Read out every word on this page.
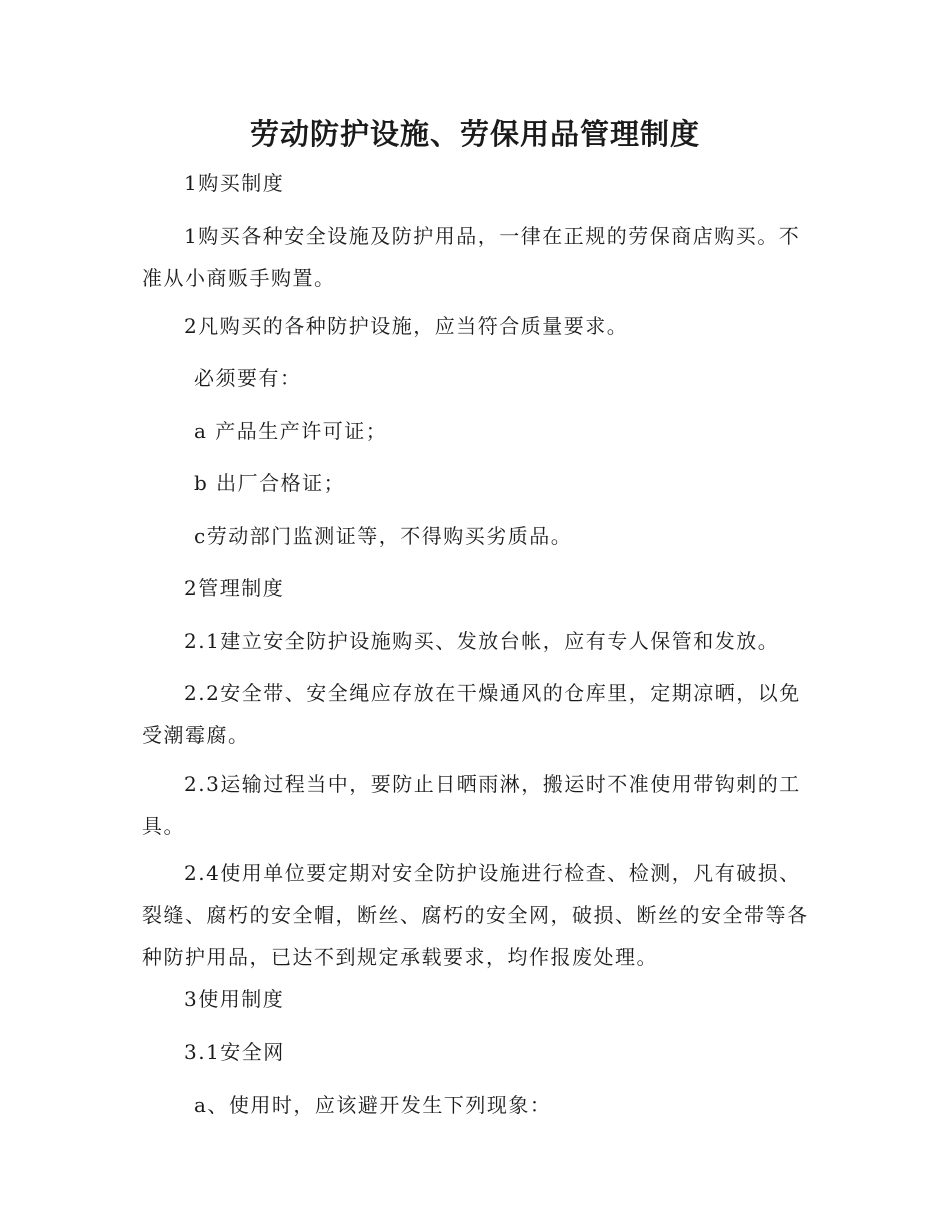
劳动防护设施、劳保用品管理制度

1购买制度

1购买各种安全设施及防护用品，一律在正规的劳保商店购买。不准从小商贩手购置。

2凡购买的各种防护设施，应当符合质量要求。

必须要有：

a 产品生产许可证；

b 出厂合格证；

c劳动部门监测证等，不得购买劣质品。

2管理制度

2.1建立安全防护设施购买、发放台帐，应有专人保管和发放。

2.2安全带、安全绳应存放在干燥通风的仓库里，定期凉晒，以免受潮霉腐。

2.3运输过程当中，要防止日晒雨淋，搬运时不准使用带钩刺的工具。

2.4使用单位要定期对安全防护设施进行检查、检测，凡有破损、裂缝、腐朽的安全帽，断丝、腐朽的安全网，破损、断丝的安全带等各种防护用品，已达不到规定承载要求，均作报废处理。

3使用制度

3.1安全网

a、使用时，应该避开发生下列现象：
